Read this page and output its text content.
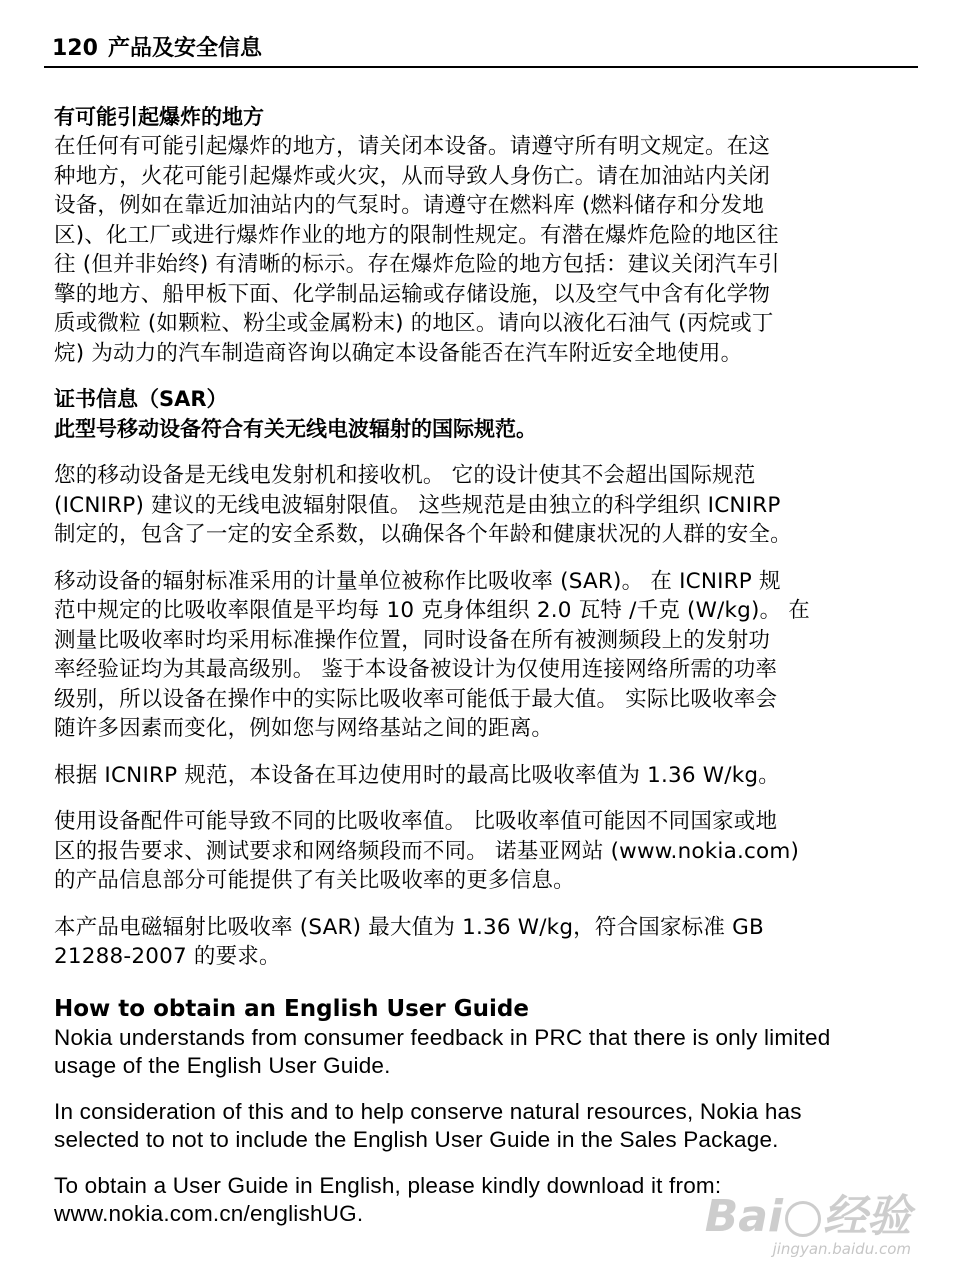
120 产品及安全信息
有可能引起爆炸的地方
在任何有可能引起爆炸的地方，请关闭本设备。请遵守所有明文规定。在这
种地方，火花可能引起爆炸或火灾，从而导致人身伤亡。请在加油站内关闭
设备，例如在靠近加油站内的气泵时。请遵守在燃料库 (燃料储存和分发地
区)、化工厂或进行爆炸作业的地方的限制性规定。有潜在爆炸危险的地区往
往 (但并非始终) 有清晰的标示。存在爆炸危险的地方包括：建议关闭汽车引
擎的地方、船甲板下面、化学制品运输或存储设施，以及空气中含有化学物
质或微粒 (如颗粒、粉尘或金属粉末) 的地区。请向以液化石油气 (丙烷或丁
烷) 为动力的汽车制造商咨询以确定本设备能否在汽车附近安全地使用。
证书信息（SAR）
此型号移动设备符合有关无线电波辐射的国际规范。
您的移动设备是无线电发射机和接收机。 它的设计使其不会超出国际规范
(ICNIRP) 建议的无线电波辐射限值。 这些规范是由独立的科学组织 ICNIRP
制定的，包含了一定的安全系数，以确保各个年龄和健康状况的人群的安全。
移动设备的辐射标准采用的计量单位被称作比吸收率 (SAR)。 在 ICNIRP 规
范中规定的比吸收率限值是平均每 10 克身体组织 2.0 瓦特 /千克 (W/kg)。 在
测量比吸收率时均采用标准操作位置，同时设备在所有被测频段上的发射功
率经验证均为其最高级别。 鉴于本设备被设计为仅使用连接网络所需的功率
级别，所以设备在操作中的实际比吸收率可能低于最大值。 实际比吸收率会
随许多因素而变化，例如您与网络基站之间的距离。
根据 ICNIRP 规范，本设备在耳边使用时的最高比吸收率值为 1.36 W/kg。
使用设备配件可能导致不同的比吸收率值。 比吸收率值可能因不同国家或地
区的报告要求、测试要求和网络频段而不同。 诺基亚网站 (www.nokia.com)
的产品信息部分可能提供了有关比吸收率的更多信息。
本产品电磁辐射比吸收率 (SAR) 最大值为 1.36 W/kg，符合国家标准 GB
21288-2007 的要求。
How to obtain an English User Guide
Nokia understands from consumer feedback in PRC that there is only limited
usage of the English User Guide.
In consideration of this and to help conserve natural resources, Nokia has
selected to not to include the English User Guide in the Sales Package.
To obtain a User Guide in English, please kindly download it from:
www.nokia.com.cn/englishUG.	Bai 经验
jingyan.baidu.com
